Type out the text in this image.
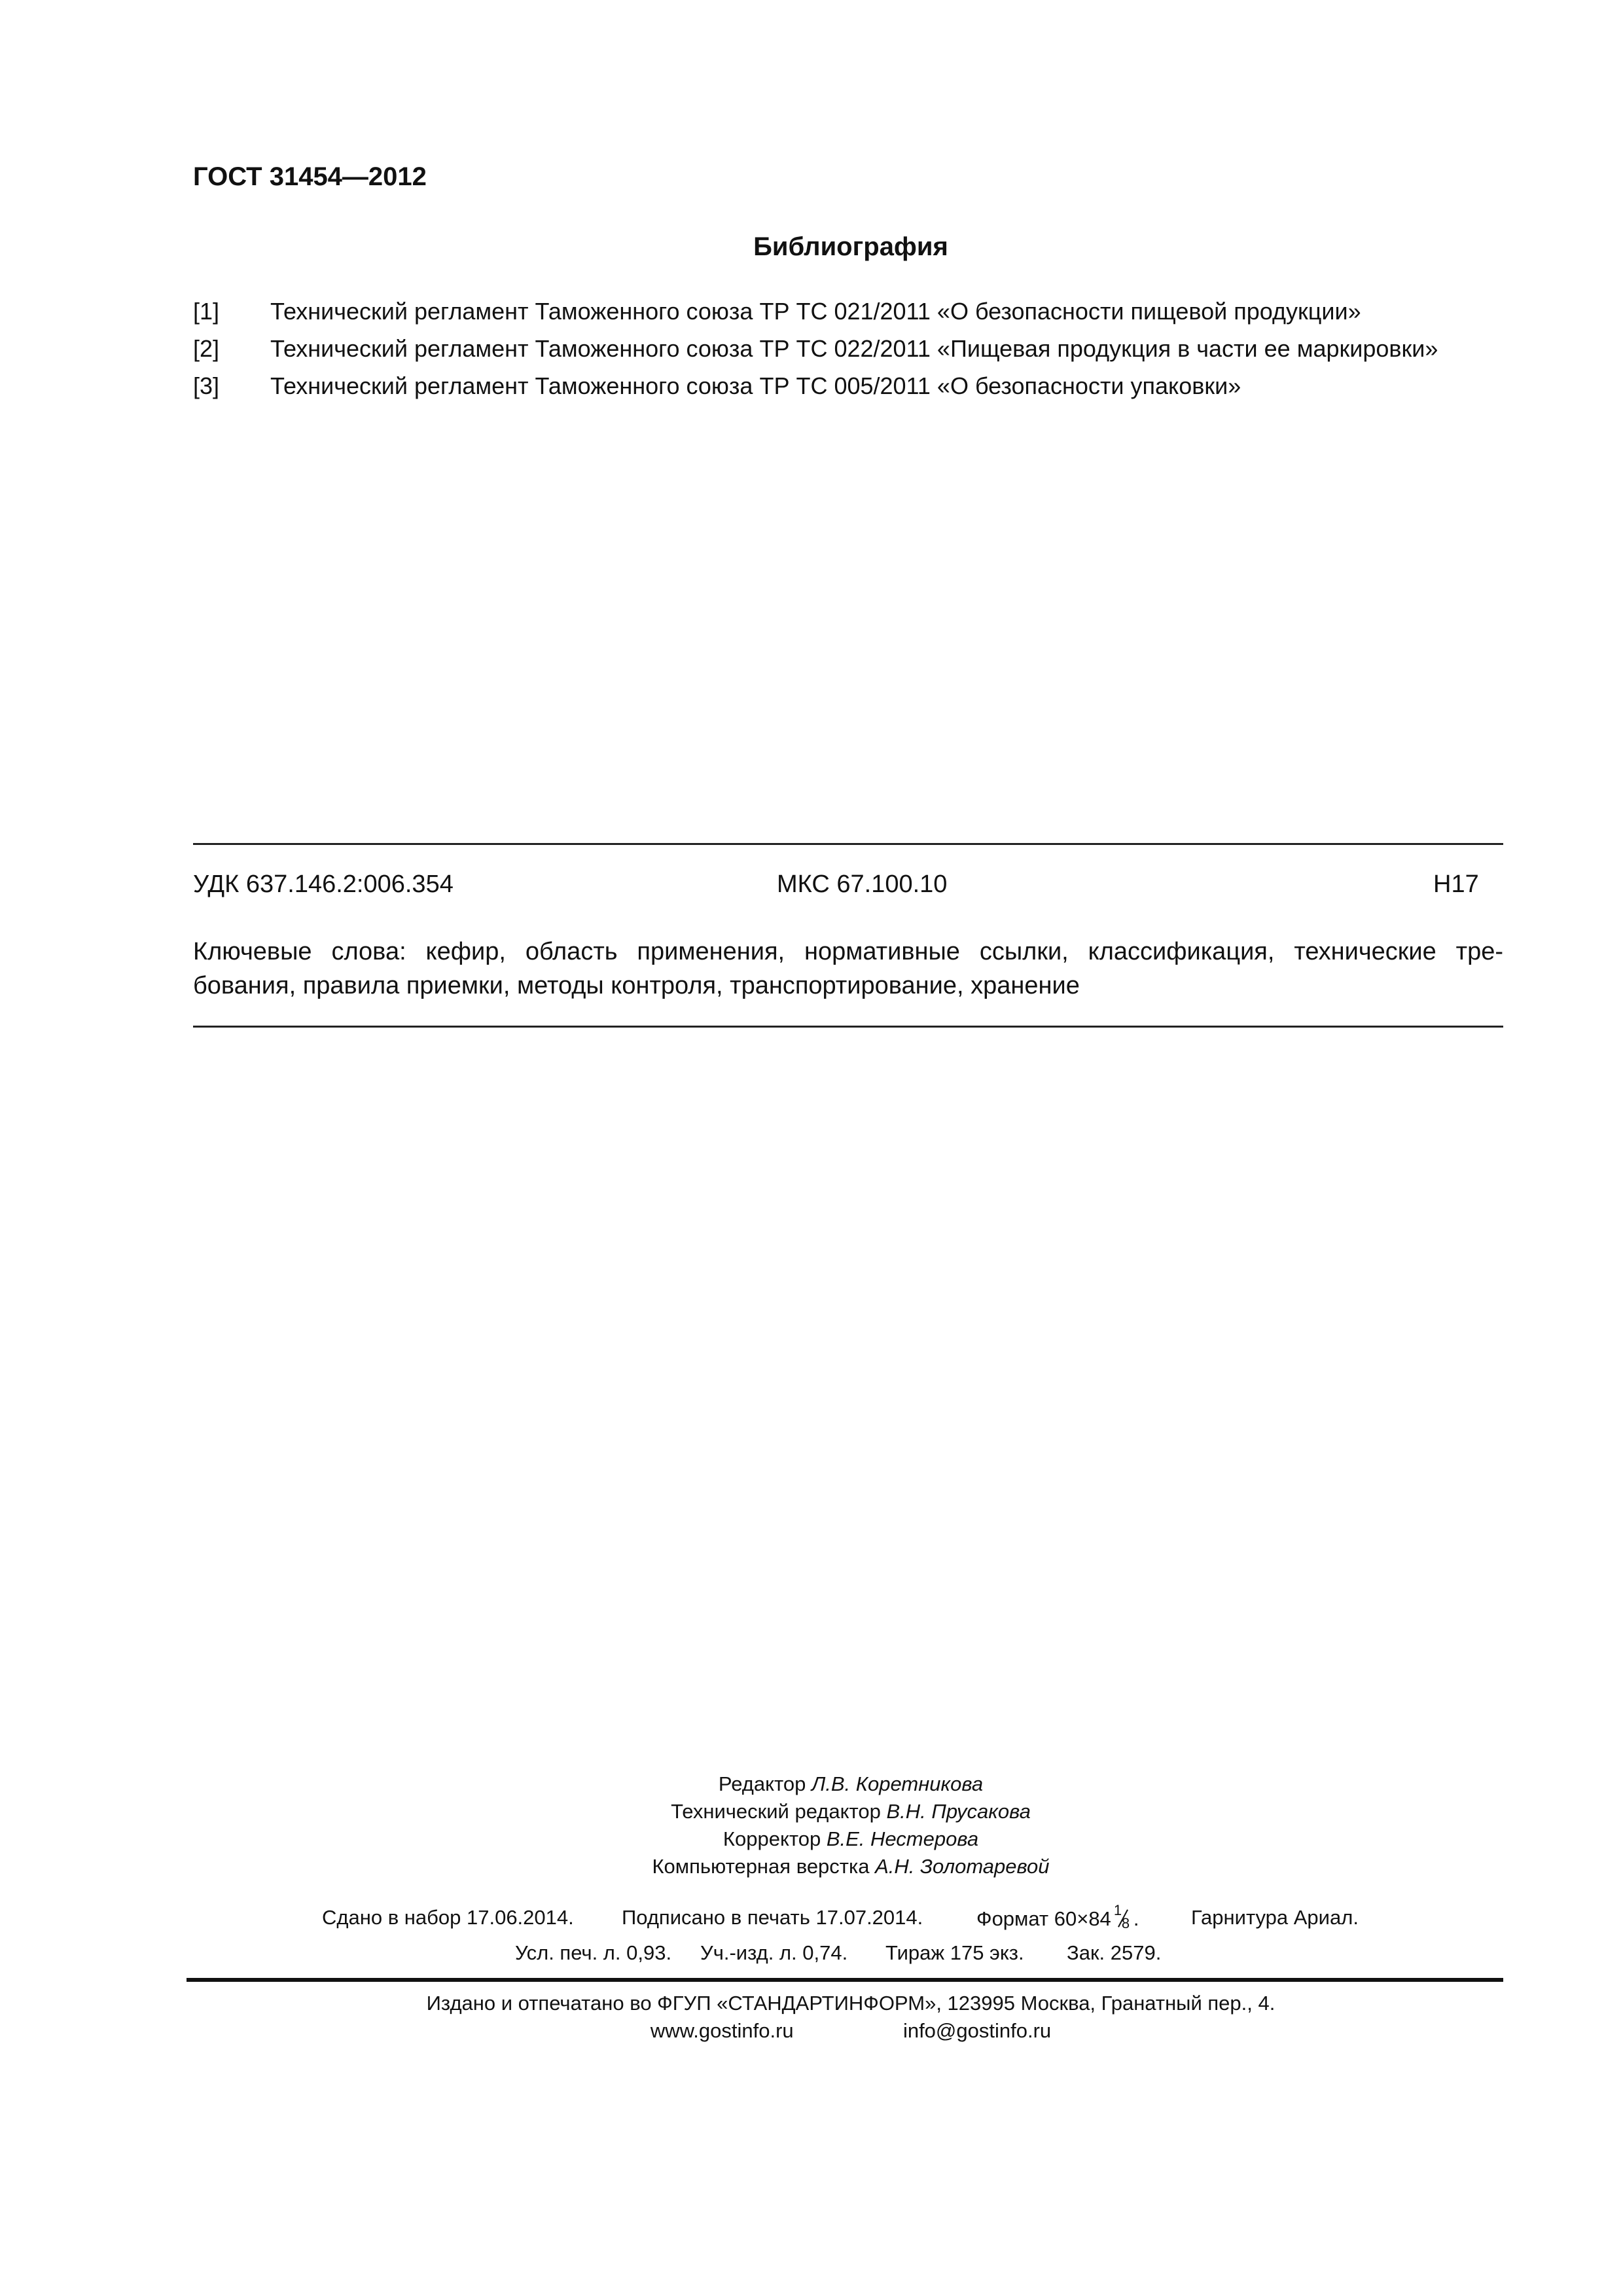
ГОСТ 31454—2012
Библиография
[1] Технический регламент Таможенного союза ТР ТС 021/2011 «О безопасности пищевой продукции»
[2] Технический регламент Таможенного союза ТР ТС 022/2011 «Пищевая продукция в части ее маркировки»
[3] Технический регламент Таможенного союза ТР ТС 005/2011 «О безопасности упаковки»
УДК 637.146.2:006.354	МКС 67.100.10	Н17
Ключевые слова: кефир, область применения, нормативные ссылки, классификация, технические тре-
бования, правила приемки, методы контроля, транспортирование, хранение
Редактор Л.В. Коретникова
Технический редактор В.Н. Прусакова
Корректор В.Е. Нестерова
Компьютерная верстка А.Н. Золотаревой
Сдано в набор 17.06.2014. Подписано в печать 17.07.2014.	Формат 60×84 1
8 .	Гарнитура Ариал.
Усл. печ. л. 0,93. Уч.-изд. л. 0,74. Тираж 175 экз. Зак. 2579.
Издано и отпечатано во ФГУП «СТАНДАРТИНФОРМ», 123995 Москва, Гранатный пер., 4.
www.gostinfo.ru	info@gostinfo.ru
